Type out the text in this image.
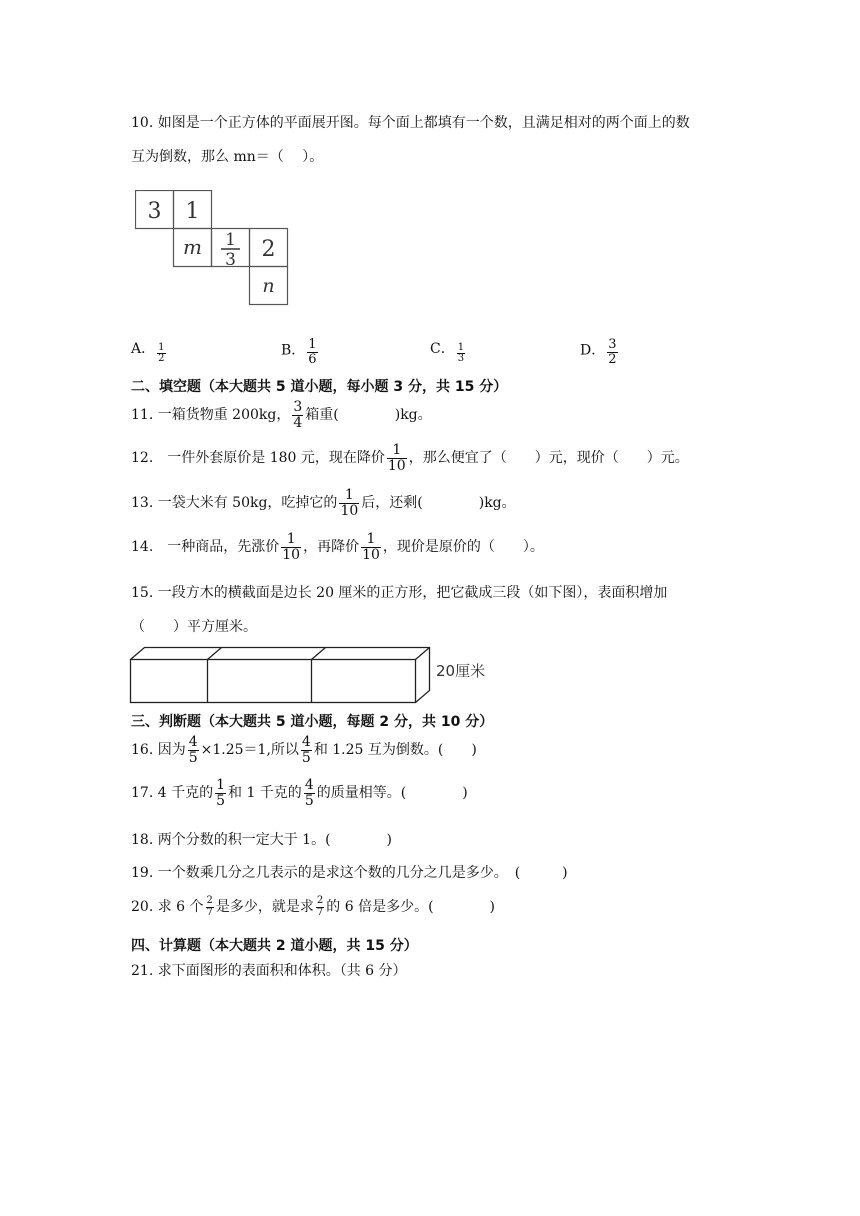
10. 如图是一个正方体的平面展开图。每个面上都填有一个数，且满足相对的两个面上的数
互为倒数，那么 mn＝（　 ）。
3 1
m 1
3 2
n
A． $\frac{1}{2}$	B． $\frac{1}{6}$	C． $\frac{1}{3}$	D． $\frac{3}{2}$
二、填空题（本大题共 5 道小题，每小题 3 分，共 15 分）
11. 一箱货物重 200kg， $\frac{3}{4}$ 箱重(　　　　)kg。
12.　一件外套原价是 180 元，现在降价 $\frac{1}{10}$ ，那么便宜了（　　）元，现价（　　）元。
13. 一袋大米有 50kg，吃掉它的 $\frac{1}{10}$ 后，还剩(　　　　)kg。
14.　一种商品，先涨价 $\frac{1}{10}$ ，再降价 $\frac{1}{10}$ ，现价是原价的（　　）。
15. 一段方木的横截面是边长 20 厘米的正方形，把它截成三段（如下图），表面积增加
（　　）平方厘米。
20厘米
三、判断题（本大题共 5 道小题，每题 2 分，共 10 分）
16. 因为 $\frac{4}{5} \times 1.25=1$,所以 $\frac{4}{5}$ 和 1.25 互为倒数。(　　)
17. 4 千克的 $\frac{1}{5}$ 和 1 千克的 $\frac{4}{5}$ 的质量相等。(　　　　)
18. 两个分数的积一定大于 1。(　　　　)
19. 一个数乘几分之几表示的是求这个数的几分之几是多少。　(　　　)
20. 求 6 个 $\frac{2}{7}$ 是多少，就是求 $\frac{2}{7}$ 的 6 倍是多少。(　　　　)
四、计算题（本大题共 2 道小题，共 15 分）
21. 求下面图形的表面积和体积。（共 6 分）
